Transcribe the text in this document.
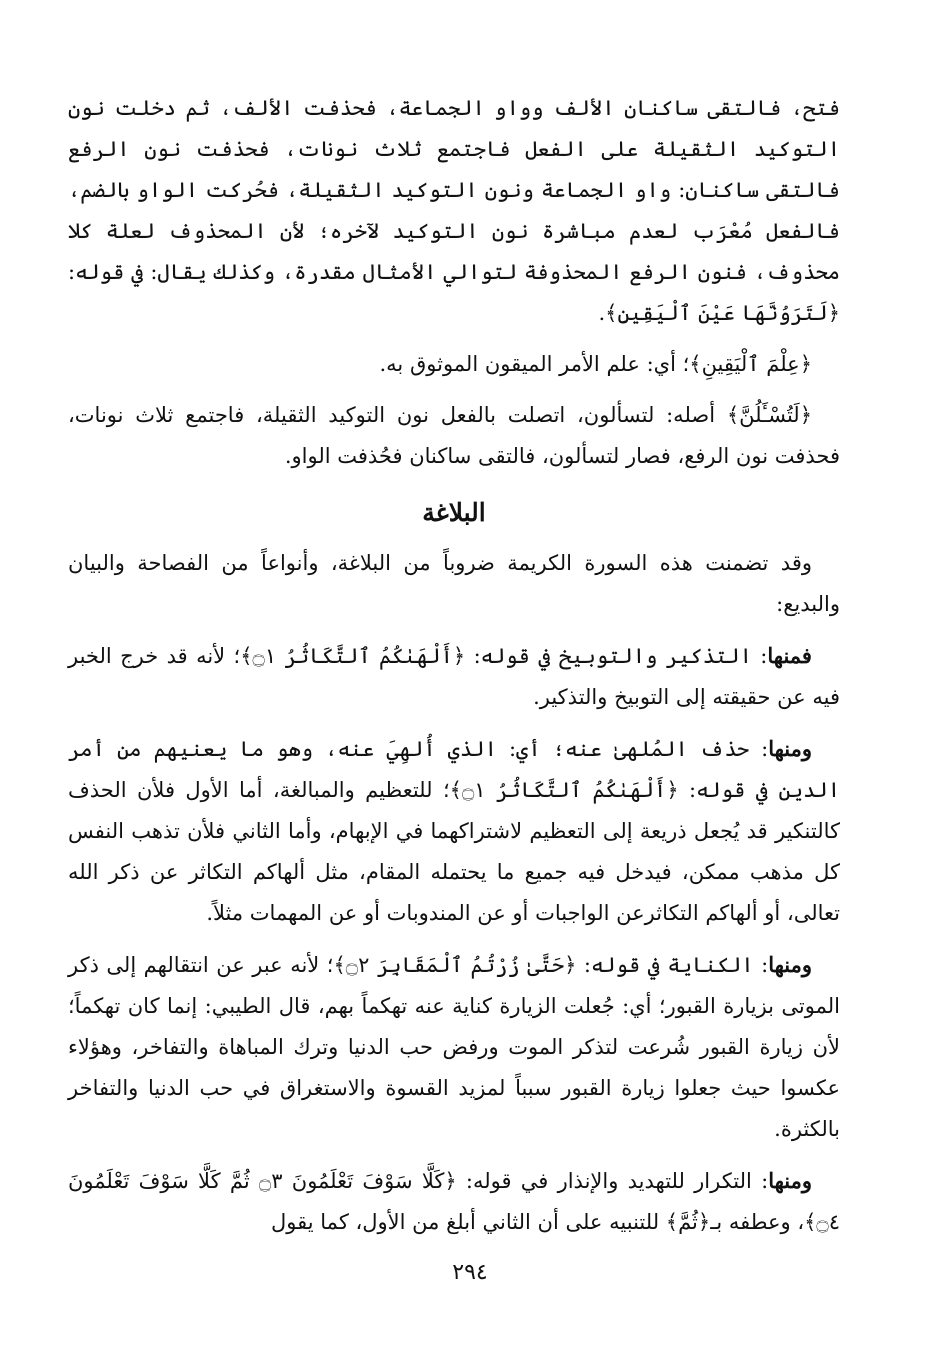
فتح، فالتقى ساكنان الألف وواو الجماعة، فحذفت الألف، ثم دخلت نون التوكيد الثقيلة على الفعل فاجتمع ثلاث نونات، فحذفت نون الرفع فالتقى ساكنان: واو الجماعة ونون التوكيد الثقيلة، فحُركت الواو بالضم، فالفعل مُعْرَب لعدم مباشرة نون التوكيد لآخره؛ لأن المحذوف لعلة كلا محذوف، فنون الرفع المحذوفة لتوالي الأمثال مقدرة، وكذلك يقال: في قوله: ﴿لَتَرَوُنَّهَا عَيْنَ ٱلْيَقِينِ﴾.

﴿عِلْمَ ٱلْيَقِينِ﴾؛ أي: علم الأمر الميقون الموثوق به.

﴿لَتُسْـَٔلُنَّ﴾ أصله: لتسألون، اتصلت بالفعل نون التوكيد الثقيلة، فاجتمع ثلاث نونات، فحذفت نون الرفع، فصار لتسألون، فالتقى ساكنان فحُذفت الواو.

البلاغة

وقد تضمنت هذه السورة الكريمة ضروباً من البلاغة، وأنواعاً من الفصاحة والبيان والبديع:

فمنها: التذكير والتوبيخ في قوله: ﴿أَلْهَىٰكُمُ ٱلتَّكَاثُرُ ۝١﴾؛ لأنه قد خرج الخبر فيه عن حقيقته إلى التوبيخ والتذكير.

ومنها: حذف المُلهىٰ عنه؛ أي: الذي أُلهِيَ عنه، وهو ما يعنيهم من أمر الدين في قوله: ﴿أَلْهَىٰكُمُ ٱلتَّكَاثُرُ ۝١﴾؛ للتعظيم والمبالغة، أما الأول فلأن الحذف كالتنكير قد يُجعل ذريعة إلى التعظيم لاشتراكهما في الإبهام، وأما الثاني فلأن تذهب النفس كل مذهب ممكن، فيدخل فيه جميع ما يحتمله المقام، مثل ألهاكم التكاثر عن ذكر الله تعالى، أو ألهاكم التكاثرعن الواجبات أو عن المندوبات أو عن المهمات مثلاً.

ومنها: الكناية في قوله: ﴿حَتَّىٰ زُرْتُمُ ٱلْمَقَابِرَ ۝٢﴾؛ لأنه عبر عن انتقالهم إلى ذكر الموتى بزيارة القبور؛ أي: جُعلت الزيارة كناية عنه تهكماً بهم، قال الطيبي: إنما كان تهكماً؛ لأن زيارة القبور شُرعت لتذكر الموت ورفض حب الدنيا وترك المباهاة والتفاخر، وهؤلاء عكسوا حيث جعلوا زيارة القبور سبباً لمزيد القسوة والاستغراق في حب الدنيا والتفاخر بالكثرة.

ومنها: التكرار للتهديد والإنذار في قوله: ﴿كَلَّا سَوْفَ تَعْلَمُونَ ۝٣ ثُمَّ كَلَّا سَوْفَ تَعْلَمُونَ ۝٤﴾، وعطفه بـ﴿ثُمَّ﴾ للتنبيه على أن الثاني أبلغ من الأول، كما يقول

٢٩٤
